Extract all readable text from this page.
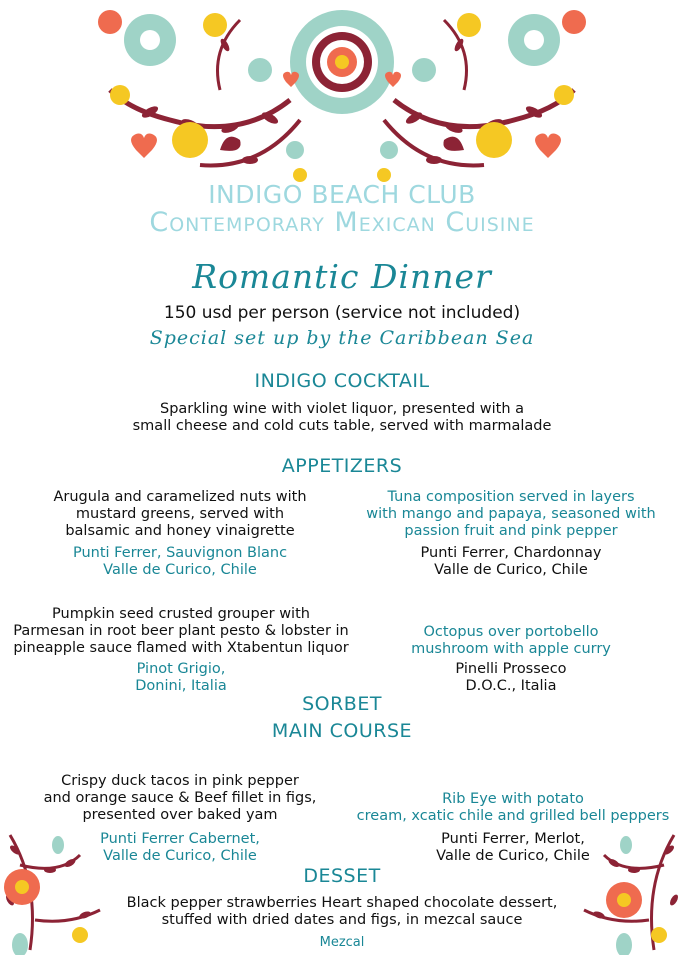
INDIGO BEACH CLUB
Contemporary Mexican Cuisine
Romantic Dinner
150 usd per person (service not included)
Special set up by the Caribbean Sea
INDIGO COCKTAIL
Sparkling wine with violet liquor, presented with a
small cheese and cold cuts table, served with marmalade
APPETIZERS
Arugula and caramelized nuts with
mustard greens, served with
balsamic and honey vinaigrette
Punti Ferrer, Sauvignon Blanc
Valle de Curico, Chile
Tuna composition served in layers
with mango and papaya, seasoned with
passion fruit and pink pepper
Punti Ferrer, Chardonnay
Valle de Curico, Chile
Pumpkin seed crusted grouper with
Parmesan in root beer plant pesto & lobster in
pineapple sauce flamed with Xtabentun liquor
Pinot Grigio,
Donini, Italia
Octopus over portobello
mushroom with apple curry
Pinelli Prosseco
D.O.C., Italia
SORBET
MAIN COURSE
Crispy duck tacos in pink pepper
and orange sauce & Beef fillet in figs,
presented over baked yam
Punti Ferrer Cabernet,
Valle de Curico, Chile
Rib Eye with potato
cream, xcatic chile and grilled bell peppers
Punti Ferrer, Merlot,
Valle de Curico, Chile
DESSET
Black pepper strawberries Heart shaped chocolate dessert,
stuffed with dried dates and figs, in mezcal sauce
Mezcal
